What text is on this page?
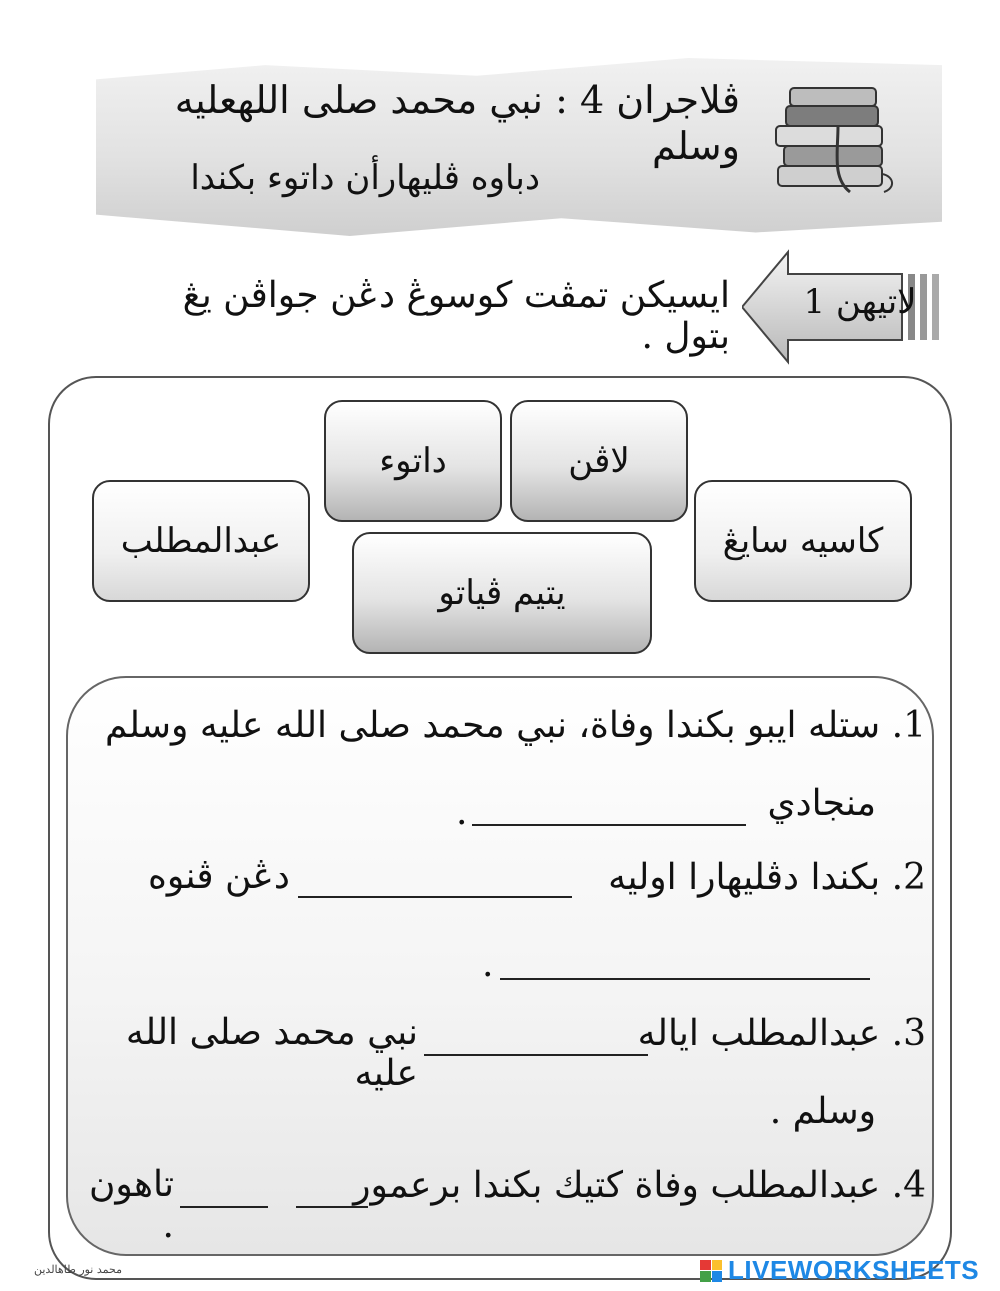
ڤلاجران 4 : نبي محمد صلى اللهعليه وسلم
دباوه ڤليهارأن داتوء بكندا
لاتيهن 1
ايسيكن تمڤت كوسوڠ دڠن جواڤن يڠ بتول .
لاڤن
داتوء
عبدالمطلب	كاسيه سايڠ
يتيم ڤياتو
1. ستله ايبو بكندا وفاة، نبي محمد صلى الله عليه وسلم
منجادي
.
2. بكندا دڤليهارا اوليه
دڠن ڤنوه
.
3. عبدالمطلب اياله
نبي محمد صلى الله عليه
وسلم .
4. عبدالمطلب وفاة كتيك بكندا برعمور
تاهون .
محمد نور طاهالدين	LIVEWORKSHEETS
